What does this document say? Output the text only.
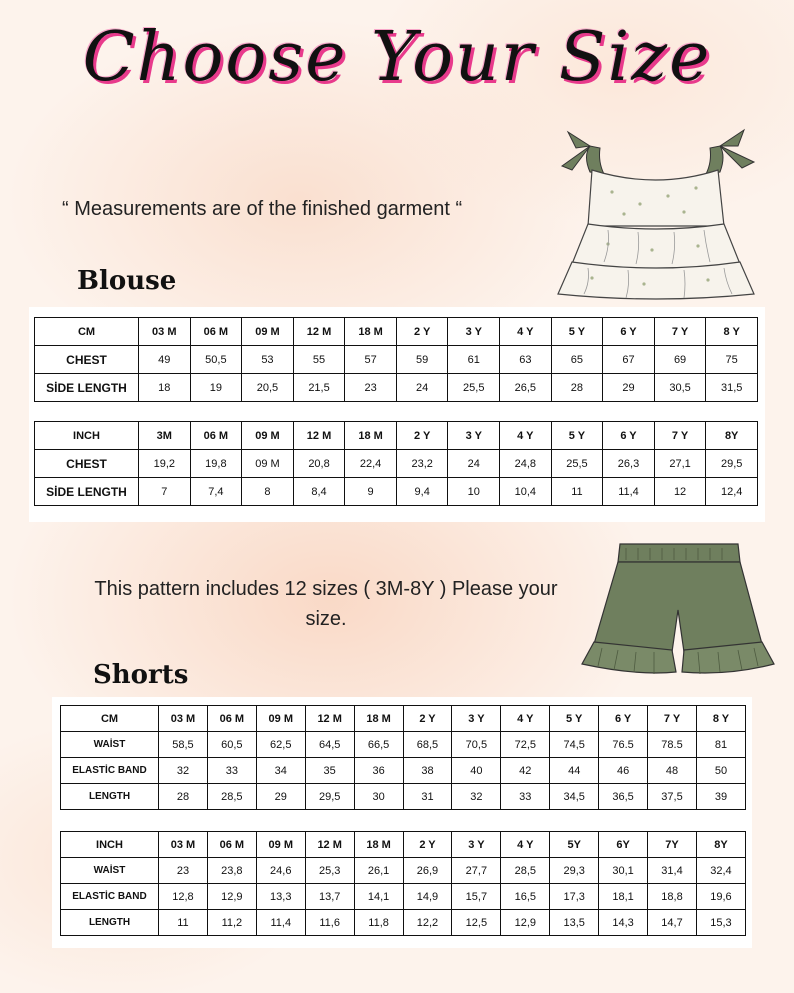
Choose Your Size
“ Measurements are of the finished garment “
Blouse
CM	03 M	06 M	09 M	12 M	18 M	2 Y	3 Y	4 Y	5 Y	6 Y	7 Y	8 Y
CHEST	49	50,5	53	55	57	59	61	63	65	67	69	75
SİDE LENGTH	18	19	20,5	21,5	23	24	25,5	26,5	28	29	30,5	31,5
INCH	3M	06 M	09 M	12 M	18 M	2 Y	3 Y	4 Y	5 Y	6 Y	7 Y	8Y
CHEST	19,2	19,8	09 M	20,8	22,4	23,2	24	24,8	25,5	26,3	27,1	29,5
SİDE LENGTH	7	7,4	8	8,4	9	9,4	10	10,4	11	11,4	12	12,4
This pattern includes 12 sizes ( 3M-8Y ) Please your size.
Shorts
CM	03 M	06 M	09 M	12 M	18 M	2 Y	3 Y	4 Y	5 Y	6 Y	7 Y	8 Y
WAİST	58,5	60,5	62,5	64,5	66,5	68,5	70,5	72,5	74,5	76.5	78.5	81
ELASTİC BAND	32	33	34	35	36	38	40	42	44	46	48	50
LENGTH	28	28,5	29	29,5	30	31	32	33	34,5	36,5	37,5	39
INCH	03 M	06 M	09 M	12 M	18 M	2 Y	3 Y	4 Y	5Y	6Y	7Y	8Y
WAİST	23	23,8	24,6	25,3	26,1	26,9	27,7	28,5	29,3	30,1	31,4	32,4
ELASTİC BAND	12,8	12,9	13,3	13,7	14,1	14,9	15,7	16,5	17,3	18,1	18,8	19,6
LENGTH	11	11,2	11,4	11,6	11,8	12,2	12,5	12,9	13,5	14,3	14,7	15,3
